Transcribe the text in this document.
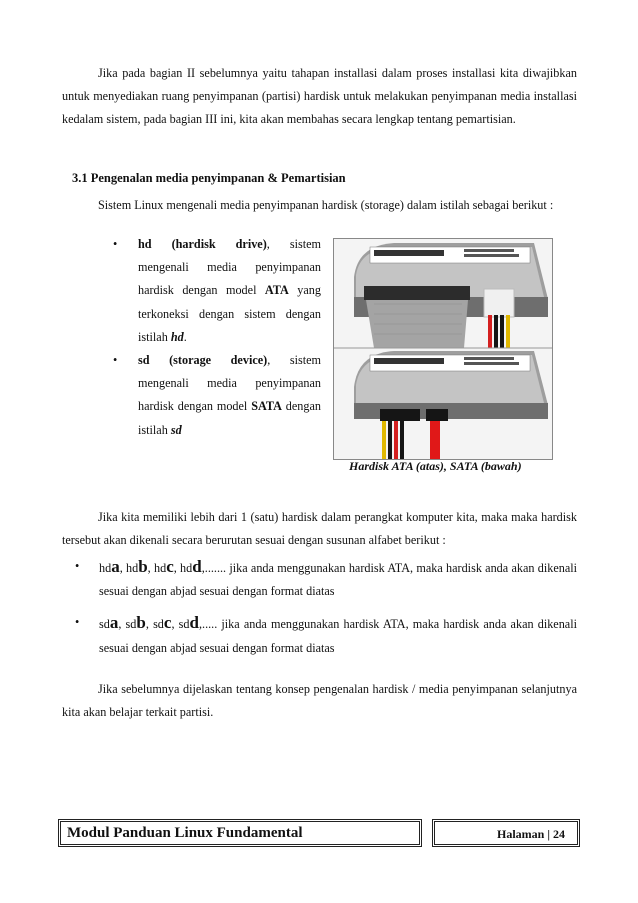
Jika pada bagian II sebelumnya yaitu tahapan installasi dalam proses installasi kita diwajibkan untuk menyediakan ruang penyimpanan (partisi) hardisk untuk melakukan penyimpanan media installasi kedalam sistem, pada bagian III ini, kita akan membahas secara lengkap tentang pemartisian.

3.1 Pengenalan media penyimpanan & Pemartisian

Sistem Linux mengenali media penyimpanan hardisk (storage) dalam istilah sebagai berikut :

• hd (hardisk drive), sistem mengenali media penyimpanan hardisk dengan model ATA yang terkoneksi dengan sistem dengan istilah hd.
• sd (storage device), sistem mengenali media penyimpanan hardisk dengan model SATA dengan istilah sd

Hardisk ATA (atas), SATA (bawah)

Jika kita memiliki lebih dari 1 (satu) hardisk dalam perangkat komputer kita, maka maka hardisk tersebut akan dikenali secara berurutan sesuai dengan susunan alfabet berikut :

• hda, hdb, hdc, hdd,....... jika anda menggunakan hardisk ATA, maka hardisk anda akan dikenali sesuai dengan abjad sesuai dengan format diatas
• sda, sdb, sdc, sdd,..... jika anda menggunakan hardisk ATA, maka hardisk anda akan dikenali sesuai dengan abjad sesuai dengan format diatas

Jika sebelumnya dijelaskan tentang konsep pengenalan hardisk / media penyimpanan selanjutnya kita akan belajar terkait partisi.

Modul Panduan Linux Fundamental	Halaman | 24
